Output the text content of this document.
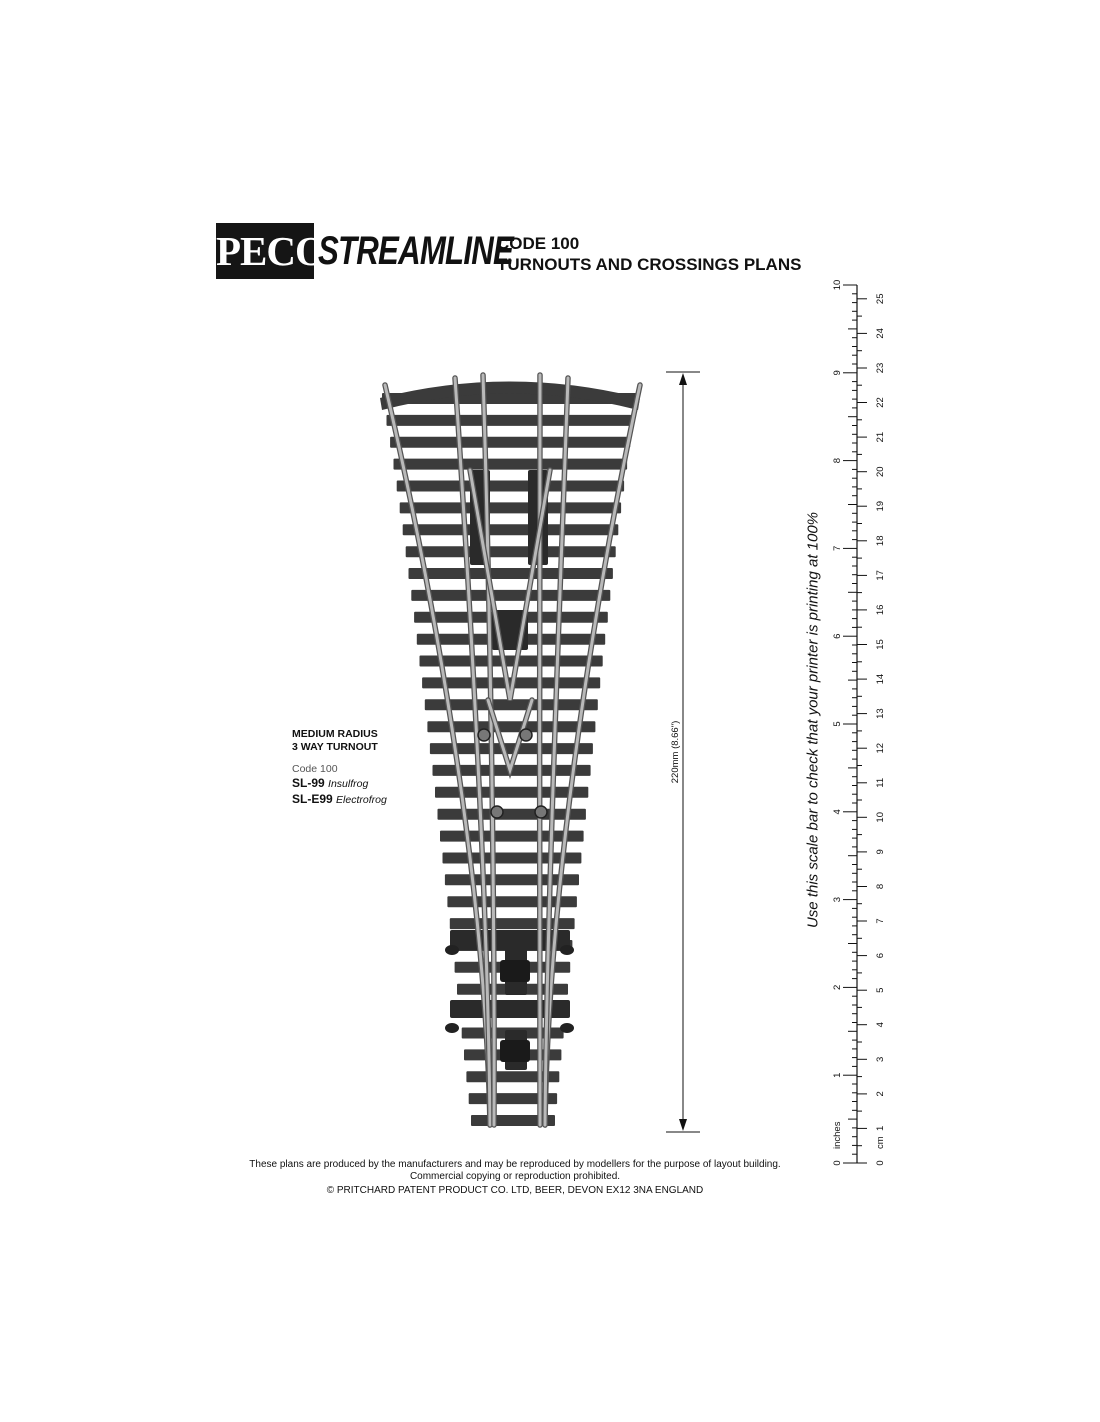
PECO
STREAMLINE
CODE 100
TURNOUTS AND CROSSINGS PLANS
MEDIUM RADIUS
3 WAY TURNOUT
Code 100
SL-99 Insulfrog
SL-E99 Electrofrog
220mm (8.66")
0
1
2
3
4
5
6
7
8
9
10
0
1
2
3
4
5
6
7
8
9
10
11
12
13
14
15
16
17
18
19
20
21
22
23
24
25
inches	cm
Use this scale bar to check that your printer is printing at 100%
These plans are produced by the manufacturers and may be reproduced by modellers for the purpose of layout building.
Commercial copying or reproduction prohibited.
© PRITCHARD PATENT PRODUCT CO. LTD, BEER, DEVON EX12 3NA ENGLAND
